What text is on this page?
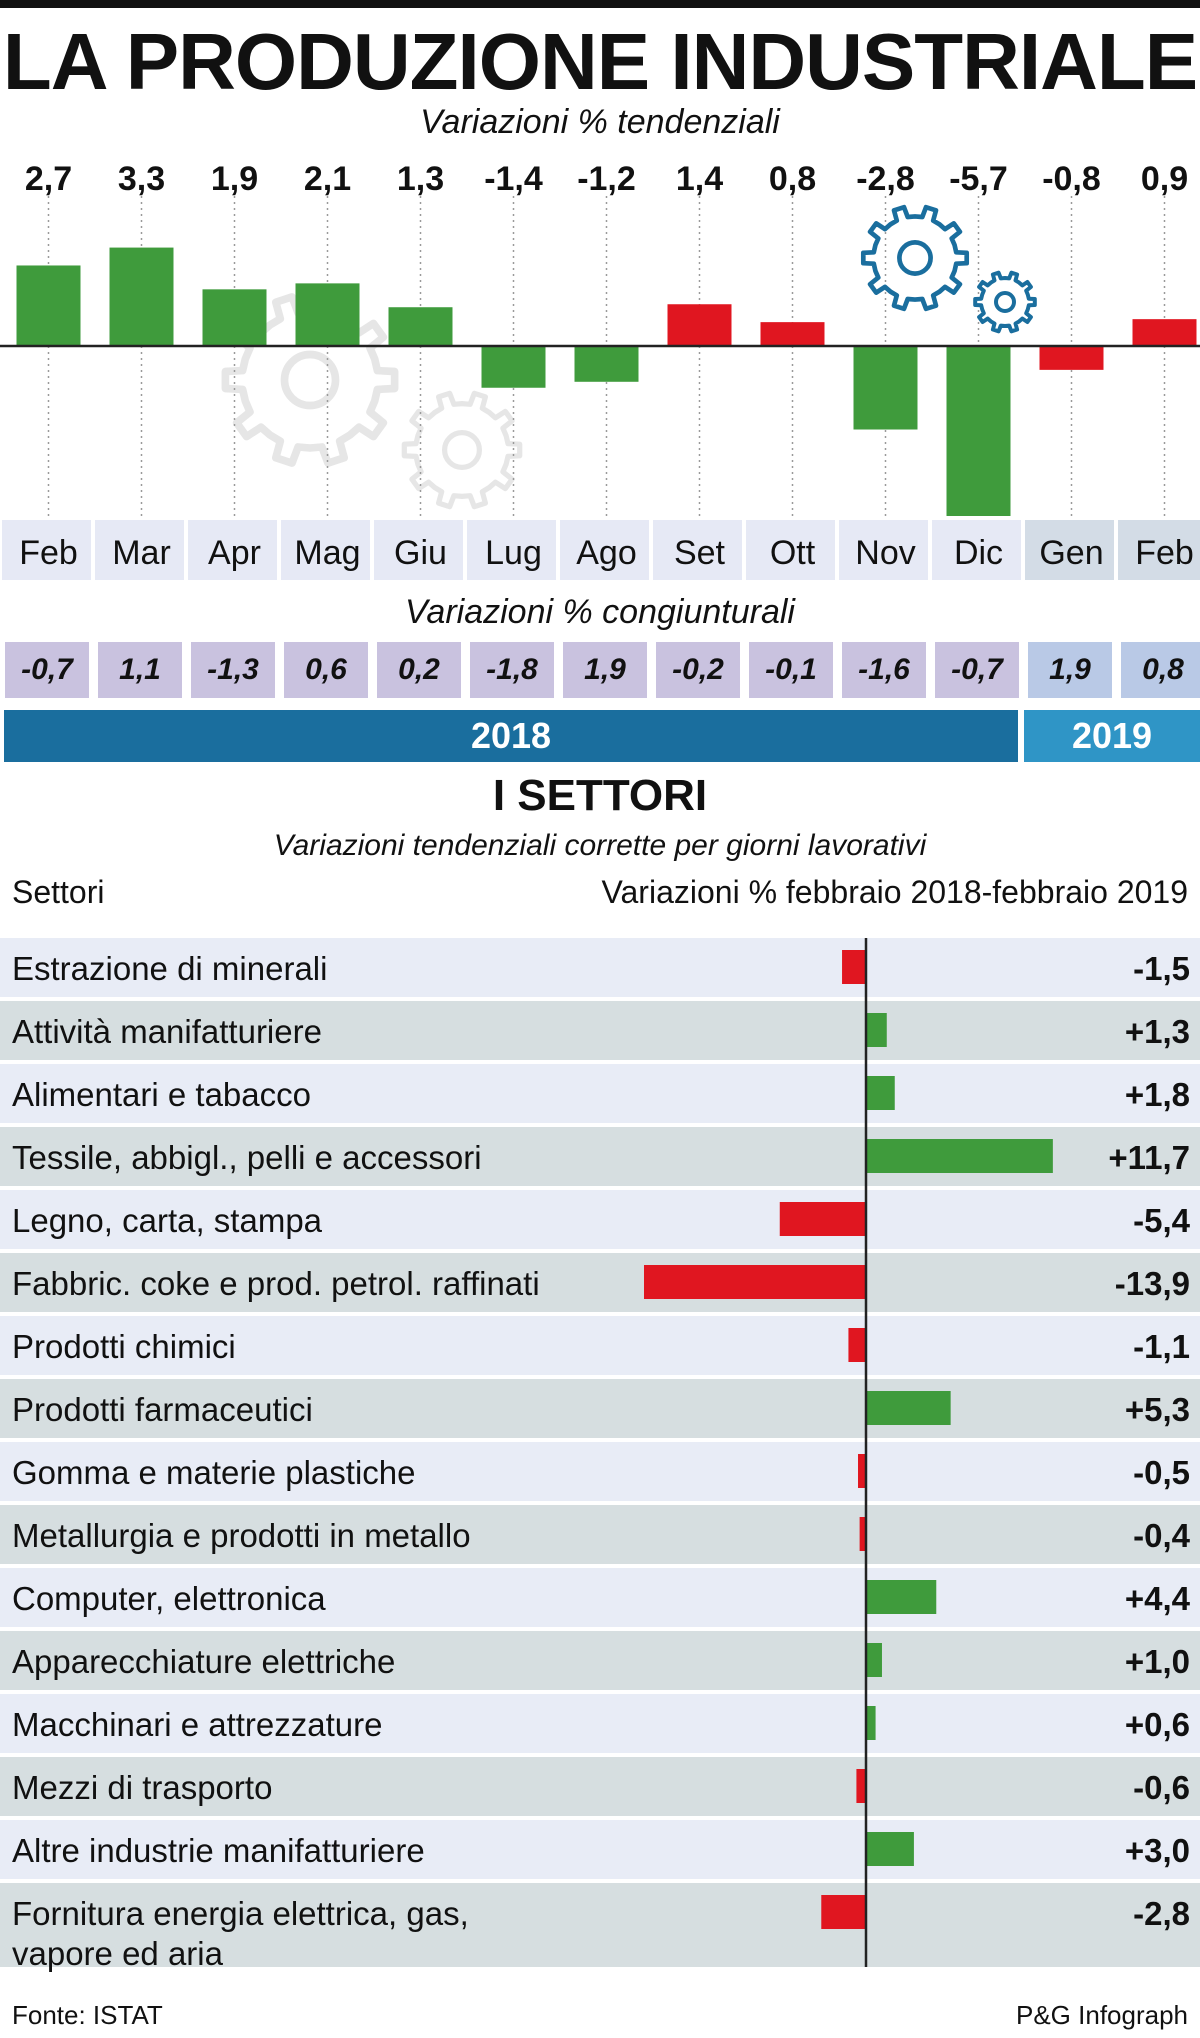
LA PRODUZIONE INDUSTRIALE
Variazioni % tendenziali
2,7
Feb
3,3
Mar
1,9
Apr
2,1
Mag
1,3
Giu
-1,4
Lug
-1,2
Ago
1,4
Set
0,8
Ott
-2,8
Nov
-5,7
Dic
-0,8
Gen
0,9
Feb
Variazioni % congiunturali
-0,7	1,1	-1,3	0,6	0,2	-1,8	1,9	-0,2	-0,1	-1,6	-0,7	1,9	0,8
2018	2019
I SETTORI
Variazioni tendenziali corrette per giorni lavorativi
Settori	Variazioni % febbraio 2018-febbraio 2019
Estrazione di minerali	-1,5
Attività manifatturiere	+1,3
Alimentari e tabacco	+1,8
Tessile, abbigl., pelli e accessori	+11,7
Legno, carta, stampa	-5,4
Fabbric. coke e prod. petrol. raffinati	-13,9
Prodotti chimici	-1,1
Prodotti farmaceutici	+5,3
Gomma e materie plastiche	-0,5
Metallurgia e prodotti in metallo	-0,4
Computer, elettronica	+4,4
Apparecchiature elettriche	+1,0
Macchinari e attrezzature	+0,6
Mezzi di trasporto	-0,6
Altre industrie manifatturiere	+3,0
Fornitura energia elettrica, gas,
vapore ed aria
-2,8
Fonte: ISTAT	P&G Infograph
